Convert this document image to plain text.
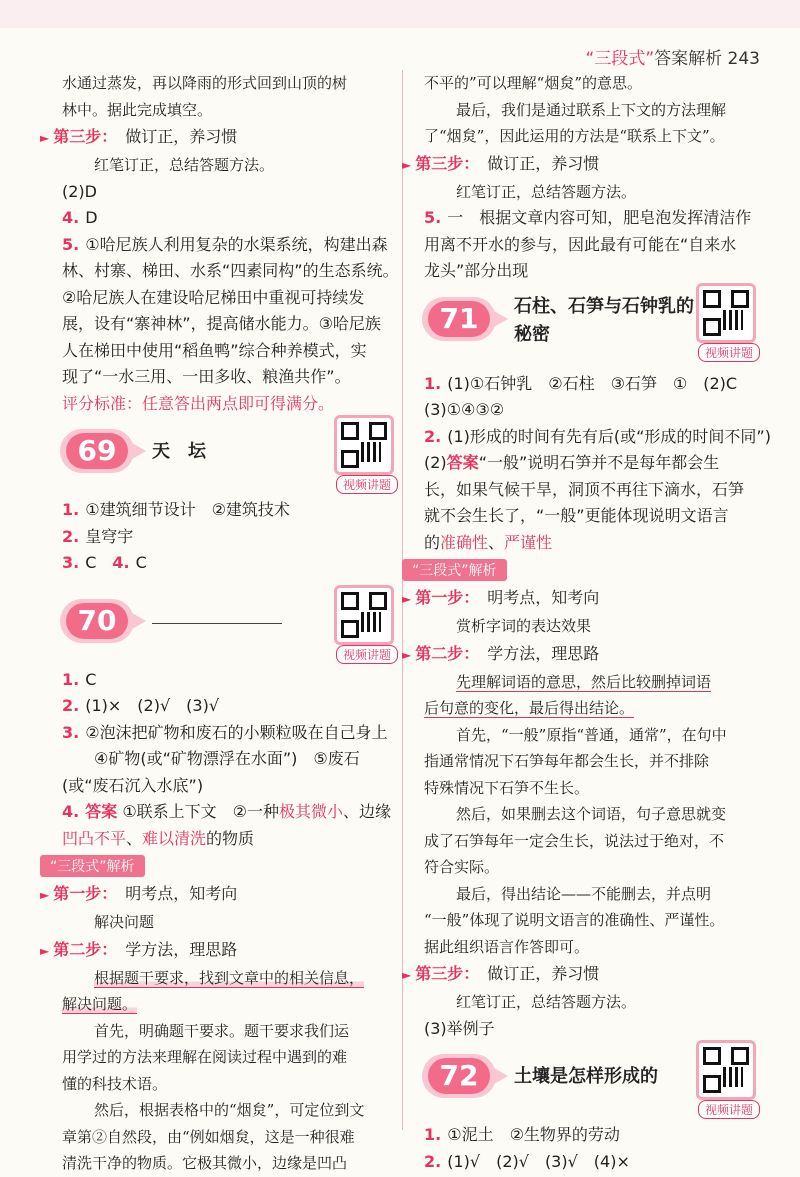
“三段式”答案解析 243
水通过蒸发，再以降雨的形式回到山顶的树
林中。据此完成填空。
► 第三步： 做订正，养习惯
红笔订正，总结答题方法。
(2)D
4. D
5. ①哈尼族人利用复杂的水渠系统，构建出森
林、村寨、梯田、水系“四素同构”的生态系统。
②哈尼族人在建设哈尼梯田中重视可持续发
展，设有“寨神林”，提高储水能力。③哈尼族
人在梯田中使用“稻鱼鸭”综合种养模式，实
现了“一水三用、一田多收、粮渔共作”。
评分标准：任意答出两点即可得满分。
69	天　坛
视频讲题
1. ①建筑细节设计　②建筑技术
2. 皇穹宇
3. C　4. C
70
视频讲题
1. C
2. (1)×　(2)√　(3)√
3. ②泡沫把矿物和废石的小颗粒吸在自己身上
④矿物(或“矿物漂浮在水面”)　⑤废石
(或“废石沉入水底”)
4. 答案 ①联系上下文　②一种极其微小、边缘
凹凸不平、难以清洗的物质
“三段式”解析
► 第一步： 明考点，知考向
解决问题
► 第二步： 学方法，理思路
根据题干要求，找到文章中的相关信息，
解决问题。
首先，明确题干要求。题干要求我们运
用学过的方法来理解在阅读过程中遇到的难
懂的科技术语。
然后，根据表格中的“烟炱”，可定位到文
章第②自然段，由“例如烟炱，这是一种很难
清洗干净的物质。它极其微小，边缘是凹凸
不平的”可以理解“烟炱”的意思。
最后，我们是通过联系上下文的方法理解
了“烟炱”，因此运用的方法是“联系上下文”。
► 第三步： 做订正，养习惯
红笔订正，总结答题方法。
5. 一　根据文章内容可知，肥皂泡发挥清洁作
用离不开水的参与，因此最有可能在“自来水
龙头”部分出现
71	石柱、石笋与石钟乳的
秘密
视频讲题
1. (1)①石钟乳　②石柱　③石笋　①　(2)C
(3)①④③②
2. (1)形成的时间有先有后(或“形成的时间不同”)
(2)答案“一般”说明石笋并不是每年都会生
长，如果气候干旱，洞顶不再往下滴水，石笋
就不会生长了，“一般”更能体现说明文语言
的准确性、严谨性
“三段式”解析
► 第一步： 明考点，知考向
赏析字词的表达效果
► 第二步： 学方法，理思路
先理解词语的意思，然后比较删掉词语
后句意的变化，最后得出结论。
首先，“一般”原指“普通，通常”，在句中
指通常情况下石笋每年都会生长，并不排除
特殊情况下石笋不生长。
然后，如果删去这个词语，句子意思就变
成了石笋每年一定会生长，说法过于绝对，不
符合实际。
最后，得出结论——不能删去，并点明
“一般”体现了说明文语言的准确性、严谨性。
据此组织语言作答即可。
► 第三步： 做订正，养习惯
红笔订正，总结答题方法。
(3)举例子
72	土壤是怎样形成的
视频讲题
1. ①泥土　②生物界的劳动
2. (1)√　(2)√　(3)√　(4)×
